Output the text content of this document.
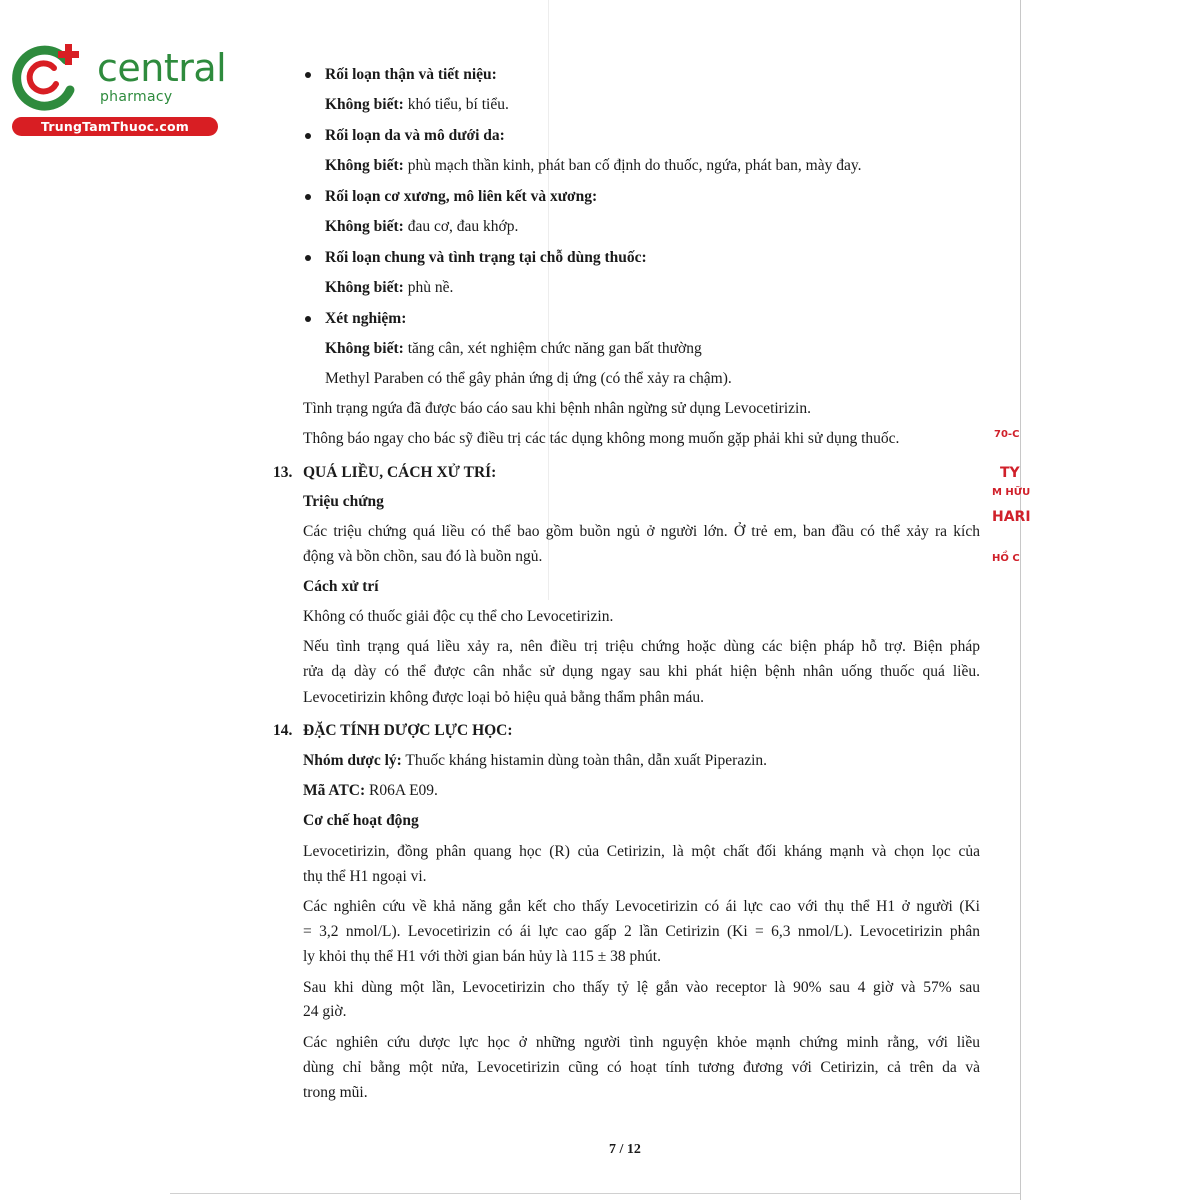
central
pharmacy
TrungTamThuoc.com
70-C
TY
M HỮU
HARI
HỒ C
Rối loạn thận và tiết niệu:
Không biết: khó tiểu, bí tiểu.
Rối loạn da và mô dưới da:
Không biết: phù mạch thần kinh, phát ban cố định do thuốc, ngứa, phát ban, mày đay.
Rối loạn cơ xương, mô liên kết và xương:
Không biết: đau cơ, đau khớp.
Rối loạn chung và tình trạng tại chỗ dùng thuốc:
Không biết: phù nề.
Xét nghiệm:
Không biết: tăng cân, xét nghiệm chức năng gan bất thường
Methyl Paraben có thể gây phản ứng dị ứng (có thể xảy ra chậm).
Tình trạng ngứa đã được báo cáo sau khi bệnh nhân ngừng sử dụng Levocetirizin.
Thông báo ngay cho bác sỹ điều trị các tác dụng không mong muốn gặp phải khi sử dụng thuốc.
13. QUÁ LIỀU, CÁCH XỬ TRÍ:
Triệu chứng
Các triệu chứng quá liều có thể bao gồm buồn ngủ ở người lớn. Ở trẻ em, ban đầu có thể xảy ra kích
động và bồn chồn, sau đó là buồn ngủ.
Cách xử trí
Không có thuốc giải độc cụ thể cho Levocetirizin.
Nếu tình trạng quá liều xảy ra, nên điều trị triệu chứng hoặc dùng các biện pháp hỗ trợ. Biện pháp
rửa dạ dày có thể được cân nhắc sử dụng ngay sau khi phát hiện bệnh nhân uống thuốc quá liều.
Levocetirizin không được loại bỏ hiệu quả bằng thẩm phân máu.
14. ĐẶC TÍNH DƯỢC LỰC HỌC:
Nhóm dược lý: Thuốc kháng histamin dùng toàn thân, dẫn xuất Piperazin.
Mã ATC: R06A E09.
Cơ chế hoạt động
Levocetirizin, đồng phân quang học (R) của Cetirizin, là một chất đối kháng mạnh và chọn lọc của
thụ thể H1 ngoại vi.
Các nghiên cứu về khả năng gắn kết cho thấy Levocetirizin có ái lực cao với thụ thể H1 ở người (Ki
= 3,2 nmol/L). Levocetirizin có ái lực cao gấp 2 lần Cetirizin (Ki = 6,3 nmol/L). Levocetirizin phân
ly khỏi thụ thể H1 với thời gian bán hủy là 115 ± 38 phút.
Sau khi dùng một lần, Levocetirizin cho thấy tỷ lệ gắn vào receptor là 90% sau 4 giờ và 57% sau
24 giờ.
Các nghiên cứu dược lực học ở những người tình nguyện khỏe mạnh chứng minh rằng, với liều
dùng chỉ bằng một nửa, Levocetirizin cũng có hoạt tính tương đương với Cetirizin, cả trên da và
trong mũi.
7 / 12
